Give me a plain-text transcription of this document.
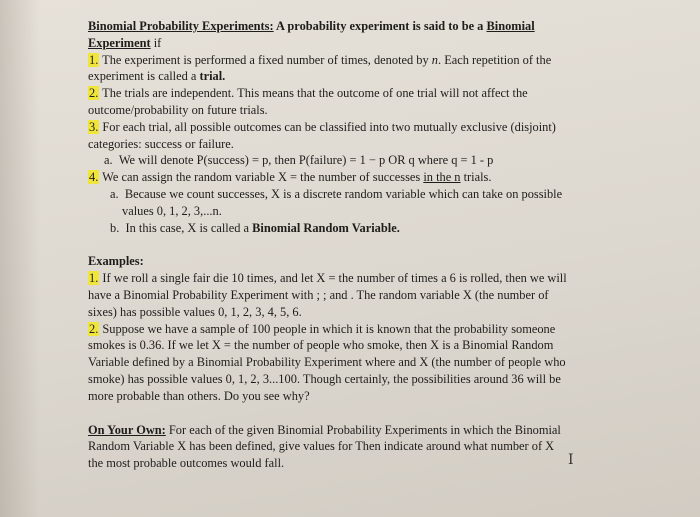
Binomial Probability Experiments: A probability experiment is said to be a Binomial
Experiment if
1. The experiment is performed a fixed number of times, denoted by n. Each repetition of the
experiment is called a trial.
2. The trials are independent. This means that the outcome of one trial will not affect the
outcome/probability on future trials.
3. For each trial, all possible outcomes can be classified into two mutually exclusive (disjoint)
categories: success or failure.
a. We will denote P(success) = p, then P(failure) = 1 − p OR q where q = 1 - p
4. We can assign the random variable X = the number of successes in the n trials.
a. Because we count successes, X is a discrete random variable which can take on possible
values 0, 1, 2, 3,...n.
b. In this case, X is called a Binomial Random Variable.
Examples:
1. If we roll a single fair die 10 times, and let X = the number of times a 6 is rolled, then we will
have a Binomial Probability Experiment with ; ; and . The random variable X (the number of
sixes) has possible values 0, 1, 2, 3, 4, 5, 6.
2. Suppose we have a sample of 100 people in which it is known that the probability someone
smokes is 0.36. If we let X = the number of people who smoke, then X is a Binomial Random
Variable defined by a Binomial Probability Experiment where and X (the number of people who
smoke) has possible values 0, 1, 2, 3...100. Though certainly, the possibilities around 36 will be
more probable than others. Do you see why?
On Your Own: For each of the given Binomial Probability Experiments in which the Binomial
Random Variable X has been defined, give values for Then indicate around what number of X
the most probable outcomes would fall.	I
